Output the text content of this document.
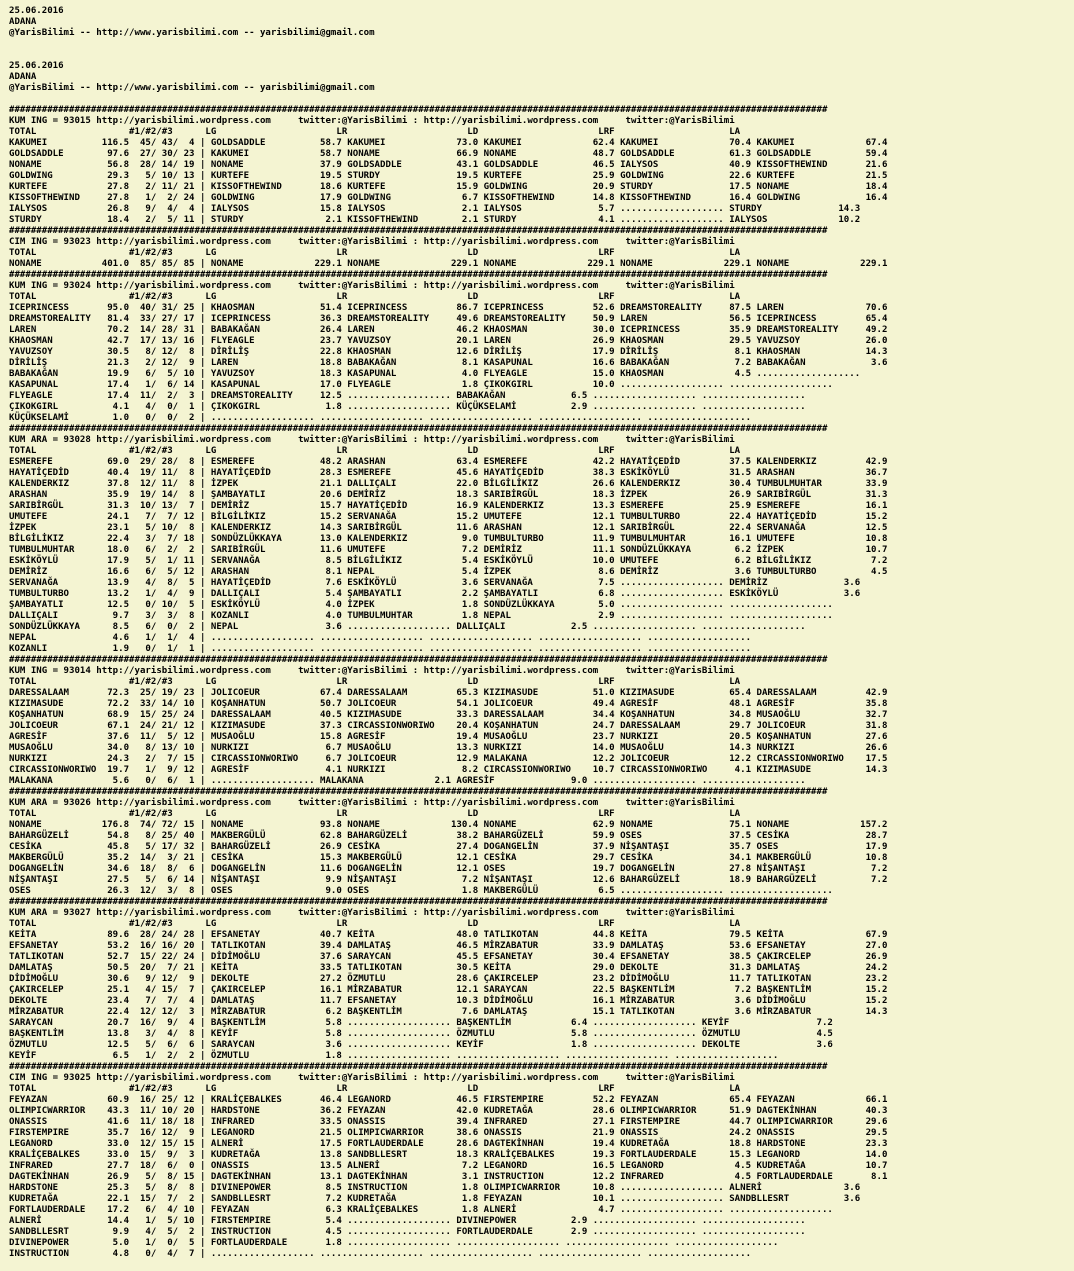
25.06.2016
ADANA
@YarisBilimi -- http://www.yarisbilimi.com -- yarisbilimi@gmail.com

25.06.2016
ADANA
@YarisBilimi -- http://www.yarisbilimi.com -- yarisbilimi@gmail.com

######################################################################################################################################################
KUM ING = 93015 http://yarisbilimi.wordpress.com     twitter:@YarisBilimi : http://yarisbilimi.wordpress.com     twitter:@YarisBilimi
TOTAL                 #1/#2/#3      LG                      LR                      LD                      LRF                     LA
KAKUMEI          116.5  45/ 43/  4 | GOLDSADDLE          58.7 KAKUMEI             73.0 KAKUMEI             62.4 KAKUMEI             70.4 KAKUMEI             67.4
GOLDSADDLE        97.6  27/ 30/ 23 | KAKUMEI             58.7 NONAME              66.9 NONAME              48.7 GOLDSADDLE          61.3 GOLDSADDLE          59.4
NONAME            56.8  28/ 14/ 19 | NONAME              37.9 GOLDSADDLE          43.1 GOLDSADDLE          46.5 IALYSOS             40.9 KISSOFTHEWIND       21.6
GOLDWING          29.3   5/ 10/ 13 | KURTEFE             19.5 STURDY              19.5 KURTEFE             25.9 GOLDWING            22.6 KURTEFE             21.5
KURTEFE           27.8   2/ 11/ 21 | KISSOFTHEWIND       18.6 KURTEFE             15.9 GOLDWING            20.9 STURDY              17.5 NONAME              18.4
KISSOFTHEWIND     27.8   1/  2/ 24 | GOLDWING            17.9 GOLDWING             6.7 KISSOFTHEWIND       14.8 KISSOFTHEWIND       16.4 GOLDWING            16.4
IALYSOS           26.8   9/  4/  4 | IALYSOS             15.8 IALYSOS              2.1 IALYSOS              5.7 ................... STURDY              14.3
STURDY            18.4   2/  5/ 11 | STURDY               2.1 KISSOFTHEWIND        2.1 STURDY               4.1 ................... IALYSOS             10.2
######################################################################################################################################################
CIM ING = 93023 http://yarisbilimi.wordpress.com     twitter:@YarisBilimi : http://yarisbilimi.wordpress.com     twitter:@YarisBilimi
TOTAL                 #1/#2/#3      LG                      LR                      LD                      LRF                     LA
NONAME           401.0  85/ 85/ 85 | NONAME             229.1 NONAME             229.1 NONAME             229.1 NONAME             229.1 NONAME             229.1
######################################################################################################################################################
KUM ING = 93024 http://yarisbilimi.wordpress.com     twitter:@YarisBilimi : http://yarisbilimi.wordpress.com     twitter:@YarisBilimi
TOTAL                 #1/#2/#3      LG                      LR                      LD                      LRF                     LA
ICEPRINCESS       95.0  40/ 31/ 25 | KHAOSMAN            51.4 ICEPRINCESS         86.7 ICEPRINCESS         52.6 DREAMSTOREALITY     87.5 LAREN               70.6
DREAMSTOREALITY   81.4  33/ 27/ 17 | ICEPRINCESS         36.3 DREAMSTOREALITY     49.6 DREAMSTOREALITY     50.9 LAREN               56.5 ICEPRINCESS         65.4
LAREN             70.2  14/ 28/ 31 | BABAKAĞAN           26.4 LAREN               46.2 KHAOSMAN            30.0 ICEPRINCESS         35.9 DREAMSTOREALITY     49.2
KHAOSMAN          42.7  17/ 13/ 16 | FLYEAGLE            23.7 YAVUZSOY            20.1 LAREN               26.9 KHAOSMAN            29.5 YAVUZSOY            26.0
YAVUZSOY          30.5   8/ 12/  8 | DİRİLİŞ             22.8 KHAOSMAN            12.6 DİRİLİŞ             17.9 DİRİLİŞ              8.1 KHAOSMAN            14.3
DİRİLİŞ           21.3   2/ 12/  9 | LAREN               18.8 BABAKAĞAN            8.1 KASAPUNAL           16.6 BABAKAĞAN            7.2 BABAKAĞAN            3.6
BABAKAĞAN         19.9   6/  5/ 10 | YAVUZSOY            18.3 KASAPUNAL            4.0 FLYEAGLE            15.0 KHAOSMAN             4.5 ...................
KASAPUNAL         17.4   1/  6/ 14 | KASAPUNAL           17.0 FLYEAGLE             1.8 ÇIKOKGIRL           10.0 ................... ...................
FLYEAGLE          17.4  11/  2/  3 | DREAMSTOREALITY     12.5 ................... BABAKAĞAN            6.5 ................... ...................
ÇIKOKGIRL          4.1   4/  0/  1 | ÇIKOKGIRL            1.8 ................... KÜÇÜKSELAMİ          2.9 ................... ...................
KÜÇÜKSELAMİ        1.0   0/  0/  2 | ................... ................... ................... ................... ...................
######################################################################################################################################################
KUM ARA = 93028 http://yarisbilimi.wordpress.com     twitter:@YarisBilimi : http://yarisbilimi.wordpress.com     twitter:@YarisBilimi
TOTAL                 #1/#2/#3      LG                      LR                      LD                      LRF                     LA
ESMEREFE          69.0  29/ 28/  8 | ESMEREFE            48.2 ARASHAN             63.4 ESMEREFE            42.2 HAYATİÇEDİD         37.5 KALENDERKIZ         42.9
HAYATİÇEDİD       40.4  19/ 11/  8 | HAYATİÇEDİD         28.3 ESMEREFE            45.6 HAYATİÇEDİD         38.3 ESKİKÖYLÜ           31.5 ARASHAN             36.7
KALENDERKIZ       37.8  12/ 11/  8 | İZPEK               21.1 DALLIÇALI           22.0 BİLGİLİKIZ          26.6 KALENDERKIZ         30.4 TUMBULMUHTAR        33.9
ARASHAN           35.9  19/ 14/  8 | ŞAMBAYATLI          20.6 DEMİRİZ             18.3 SARIBİRGÜL          18.3 İZPEK               26.9 SARIBİRGÜL          31.3
SARIBİRGÜL        31.3  10/ 13/  7 | DEMİRİZ             15.7 HAYATİÇEDİD         16.9 KALENDERKIZ         13.3 ESMEREFE            25.9 ESMEREFE            16.1
UMUTEFE           24.1   7/  7/ 12 | BİLGİLİKIZ          15.2 SERVANAĞA           15.2 UMUTEFE             12.1 TUMBULTURBO         22.4 HAYATİÇEDİD         15.2
İZPEK             23.1   5/ 10/  8 | KALENDERKIZ         14.3 SARIBİRGÜL          11.6 ARASHAN             12.1 SARIBİRGÜL          22.4 SERVANAĞA           12.5
BİLGİLİKIZ        22.4   3/  7/ 18 | SONDÜZLÜKKAYA       13.0 KALENDERKIZ          9.0 TUMBULTURBO         11.9 TUMBULMUHTAR        16.1 UMUTEFE             10.8
TUMBULMUHTAR      18.0   6/  2/  2 | SARIBİRGÜL          11.6 UMUTEFE              7.2 DEMİRİZ             11.1 SONDÜZLÜKKAYA        6.2 İZPEK               10.7
ESKİKÖYLÜ         17.9   5/  1/ 11 | SERVANAĞA            8.5 BİLGİLİKIZ           5.4 ESKİKÖYLÜ           10.0 UMUTEFE              6.2 BİLGİLİKIZ           7.2
DEMİRİZ           16.6   6/  5/ 12 | ARASHAN              8.1 NEPAL                5.4 İZPEK                8.6 DEMİRİZ              3.6 TUMBULTURBO          4.5
SERVANAĞA         13.9   4/  8/  5 | HAYATİÇEDİD          7.6 ESKİKÖYLÜ            3.6 SERVANAĞA            7.5 ................... DEMİRİZ              3.6
TUMBULTURBO       13.2   1/  4/  9 | DALLIÇALI            5.4 ŞAMBAYATLI           2.2 ŞAMBAYATLI           6.8 ................... ESKİKÖYLÜ            3.6
ŞAMBAYATLI        12.5   0/ 10/  5 | ESKİKÖYLÜ            4.0 İZPEK                1.8 SONDÜZLÜKKAYA        5.0 ................... ...................
DALLIÇALI          9.7   3/  3/  8 | KOZANLI              4.0 TUMBULMUHTAR         1.8 NEPAL                2.9 ................... ...................
SONDÜZLÜKKAYA      8.5   6/  0/  2 | NEPAL                3.6 ................... DALLIÇALI            2.5 ................... ...................
NEPAL              4.6   1/  1/  4 | ................... ................... ................... ................... ...................
KOZANLI            1.9   0/  1/  1 | ................... ................... ................... ................... ...................
######################################################################################################################################################
KUM ING = 93014 http://yarisbilimi.wordpress.com     twitter:@YarisBilimi : http://yarisbilimi.wordpress.com     twitter:@YarisBilimi
TOTAL                 #1/#2/#3      LG                      LR                      LD                      LRF                     LA
DARESSALAAM       72.3  25/ 19/ 23 | JOLICOEUR           67.4 DARESSALAAM         65.3 KIZIMASUDE          51.0 KIZIMASUDE          65.4 DARESSALAAM         42.9
KIZIMASUDE        72.2  33/ 14/ 10 | KOŞANHATUN          50.7 JOLICOEUR           54.1 JOLICOEUR           49.4 AGRESİF             48.1 AGRESİF             35.8
KOŞANHATUN        68.9  15/ 25/ 24 | DARESSALAAM         40.5 KIZIMASUDE          33.3 DARESSALAAM         34.4 KOŞANHATUN          34.8 MUSAOĞLU            32.7
JOLICOEUR         67.1  24/ 21/ 12 | KIZIMASUDE          37.3 CIRCASSIONWORIWO    20.4 KOŞANHATUN          24.7 DARESSALAAM         29.7 JOLICOEUR           31.8
AGRESİF           37.6  11/  5/ 12 | MUSAOĞLU            15.8 AGRESİF             19.4 MUSAOĞLU            23.7 NURKIZI             20.5 KOŞANHATUN          27.6
MUSAOĞLU          34.0   8/ 13/ 10 | NURKIZI              6.7 MUSAOĞLU            13.3 NURKIZI             14.0 MUSAOĞLU            14.3 NURKIZI             26.6
NURKIZI           24.3   2/  7/ 15 | CIRCASSIONWORIWO     6.7 JOLICOEUR           12.9 MALAKANA            12.2 JOLICOEUR           12.2 CIRCASSIONWORIWO    17.5
CIRCASSIONWORIWO  19.7   1/  9/ 12 | AGRESİF              4.1 NURKIZI              8.2 CIRCASSIONWORIWO    10.7 CIRCASSIONWORIWO     4.1 KIZIMASUDE          14.3
MALAKANA           5.6   0/  6/  1 | ................... MALAKANA             2.1 AGRESİF              9.0 ................... ...................
######################################################################################################################################################
KUM ARA = 93026 http://yarisbilimi.wordpress.com     twitter:@YarisBilimi : http://yarisbilimi.wordpress.com     twitter:@YarisBilimi
TOTAL                 #1/#2/#3      LG                      LR                      LD                      LRF                     LA
NONAME           176.8  74/ 72/ 15 | NONAME              93.8 NONAME             130.4 NONAME              62.9 NONAME              75.1 NONAME             157.2
BAHARGÜZELİ       54.8   8/ 25/ 40 | MAKBERGÜLÜ          62.8 BAHARGÜZELİ         38.2 BAHARGÜZELİ         59.9 OSES                37.5 CESİKA              28.7
CESİKA            45.8   5/ 17/ 32 | BAHARGÜZELİ         26.9 CESİKA              27.4 DOGANGELİN          37.9 NİŞANTAŞI           35.7 OSES                17.9
MAKBERGÜLÜ        35.2  14/  3/ 21 | CESİKA              15.3 MAKBERGÜLÜ          12.1 CESİKA              29.7 CESİKA              34.1 MAKBERGÜLÜ          10.8
DOGANGELİN        34.6  18/  8/  6 | DOGANGELİN          11.6 DOGANGELİN          12.1 OSES                19.7 DOGANGELİN          27.8 NİŞANTAŞI            7.2
NİŞANTAŞI         27.5   5/  6/ 14 | NİŞANTAŞI            9.9 NİŞANTAŞI            7.2 NİŞANTAŞI           12.6 BAHARGÜZELİ         18.9 BAHARGÜZELİ          7.2
OSES              26.3  12/  3/  8 | OSES                 9.0 OSES                 1.8 MAKBERGÜLÜ           6.5 ................... ...................
######################################################################################################################################################
KUM ARA = 93027 http://yarisbilimi.wordpress.com     twitter:@YarisBilimi : http://yarisbilimi.wordpress.com     twitter:@YarisBilimi
TOTAL                 #1/#2/#3      LG                      LR                      LD                      LRF                     LA
KEİTA             89.6  28/ 24/ 28 | EFSANETAY           40.7 KEİTA               48.0 TATLIKOTAN          44.8 KEİTA               79.5 KEİTA               67.9
EFSANETAY         53.2  16/ 16/ 20 | TATLIKOTAN          39.4 DAMLATAŞ            46.5 MİRZABATUR          33.9 DAMLATAŞ            53.6 EFSANETAY           27.0
TATLIKOTAN        52.7  15/ 22/ 24 | DİDİMOĞLU           37.6 SARAYCAN            45.5 EFSANETAY           30.4 EFSANETAY           38.5 ÇAKIRCELEP          26.9
DAMLATAŞ          50.5  20/  7/ 21 | KEİTA               33.5 TATLIKOTAN          30.5 KEİTA               29.0 DEKOLTE             31.3 DAMLATAŞ            24.2
DİDİMOĞLU         30.6   9/ 12/  9 | DEKOLTE             27.2 ÖZMUTLU             28.6 ÇAKIRCELEP          23.2 DİDİMOĞLU           11.7 TATLIKOTAN          23.2
ÇAKIRCELEP        25.1   4/ 15/  7 | ÇAKIRCELEP          16.1 MİRZABATUR          12.1 SARAYCAN            22.5 BAŞKENTLİM           7.2 BAŞKENTLİM          15.2
DEKOLTE           23.4   7/  7/  4 | DAMLATAŞ            11.7 EFSANETAY           10.3 DİDİMOĞLU           16.1 MİRZABATUR           3.6 DİDİMOĞLU           15.2
MİRZABATUR        22.4  12/ 12/  3 | MİRZABATUR           6.2 BAŞKENTLİM           7.6 DAMLATAŞ            15.1 TATLIKOTAN           3.6 MİRZABATUR          14.3
SARAYCAN          20.7  16/  9/  4 | BAŞKENTLİM           5.8 ................... BAŞKENTLİM           6.4 ................... KEYİF                7.2
BAŞKENTLİM        13.8   3/  4/  8 | KEYİF                5.8 ................... ÖZMUTLU              5.8 ................... ÖZMUTLU              4.5
ÖZMUTLU           12.5   5/  6/  6 | SARAYCAN             3.6 ................... KEYİF                1.8 ................... DEKOLTE              3.6
KEYİF              6.5   1/  2/  2 | ÖZMUTLU              1.8 ................... ................... ................... ...................
######################################################################################################################################################
CIM ING = 93025 http://yarisbilimi.wordpress.com     twitter:@YarisBilimi : http://yarisbilimi.wordpress.com     twitter:@YarisBilimi
TOTAL                 #1/#2/#3      LG                      LR                      LD                      LRF                     LA
FEYAZAN           60.9  16/ 25/ 12 | KRALİÇEBALKES       46.4 LEGANORD            46.5 FIRSTEMPIRE         52.2 FEYAZAN             65.4 FEYAZAN             66.1
OLIMPICWARRIOR    43.3  11/ 10/ 20 | HARDSTONE           36.2 FEYAZAN             42.0 KUDRETAĞA           28.6 OLIMPICWARRIOR      51.9 DAGTEKİNHAN         40.3
ONASSIS           41.6  11/ 18/ 18 | INFRARED            33.5 ONASSIS             39.4 INFRARED            27.1 FIRSTEMPIRE         44.7 OLIMPICWARRIOR      29.6
FIRSTEMPIRE       35.7  16/ 12/  9 | LEGANORD            21.5 OLIMPICWARRIOR      38.6 ONASSIS             21.9 ONASSIS             24.2 ONASSIS             29.5
LEGANORD          33.0  12/ 15/ 15 | ALNERİ              17.5 FORTLAUDERDALE      28.6 DAGTEKİNHAN         19.4 KUDRETAĞA           18.8 HARDSTONE           23.3
KRALİÇEBALKES     33.0  15/  9/  3 | KUDRETAĞA           13.8 SANDBLLESRT         18.3 KRALİÇEBALKES       19.3 FORTLAUDERDALE      15.3 LEGANORD            14.0
INFRARED          27.7  18/  6/  0 | ONASSIS             13.5 ALNERİ               7.2 LEGANORD            16.5 LEGANORD             4.5 KUDRETAĞA           10.7
DAGTEKİNHAN       26.9   5/  8/ 15 | DAGTEKİNHAN         13.1 DAGTEKİNHAN          3.1 INSTRUCTION         12.2 INFRARED             4.5 FORTLAUDERDALE       8.1
HARDSTONE         25.3   5/  8/  8 | DIVINEPOWER          8.5 INSTRUCTION          1.8 OLIMPICWARRIOR      10.8 ................... ALNERİ               3.6
KUDRETAĞA         22.1  15/  7/  2 | SANDBLLESRT          7.2 KUDRETAĞA            1.8 FEYAZAN             10.1 ................... SANDBLLESRT          3.6
FORTLAUDERDALE    17.2   6/  4/ 10 | FEYAZAN              6.3 KRALİÇEBALKES        1.8 ALNERİ               4.7 ................... ...................
ALNERİ            14.4   1/  5/ 10 | FIRSTEMPIRE          5.4 ................... DIVINEPOWER          2.9 ................... ...................
SANDBLLESRT        9.9   4/  5/  2 | INSTRUCTION          4.5 ................... FORTLAUDERDALE       2.9 ................... ...................
DIVINEPOWER        5.0   1/  0/  5 | FORTLAUDERDALE       1.8 ................... ................... ................... ...................
INSTRUCTION        4.8   0/  4/  7 | ................... ................... ................... ................... ...................
